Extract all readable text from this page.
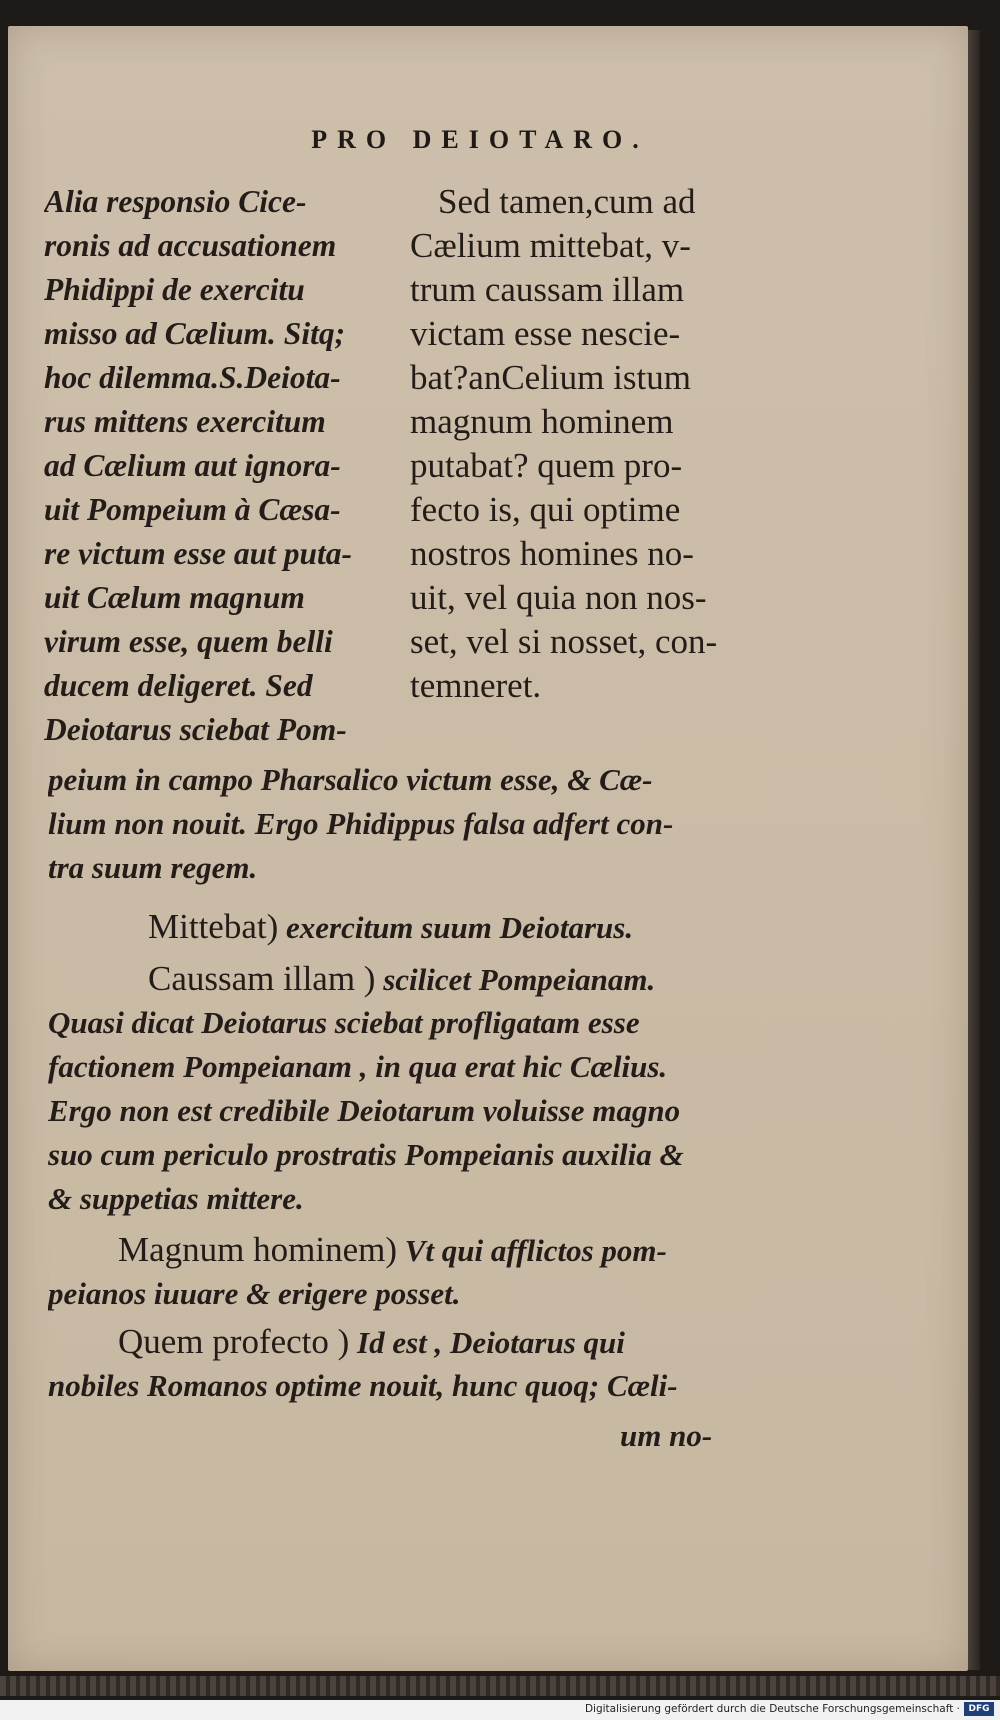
PRO DEIOTARO.
Alia responsio Cice-
ronis ad accusationem
Phidippi de exercitu
misso ad Cælium. Sitq;
hoc dilemma.S.Deiota-
rus mittens exercitum
ad Cælium aut ignora-
uit Pompeium à Cæsa-
re victum esse aut puta-
uit Cælum magnum
virum esse, quem belli
ducem deligeret. Sed
Deiotarus sciebat Pom-
Sed tamen,cum ad
Cælium mittebat, v-
trum caussam illam
victam esse nescie-
bat?anCelium istum
magnum hominem
putabat? quem pro-
fecto is, qui optime
nostros homines no-
uit, vel quia non nos-
set, vel si nosset, con-
temneret.
peium in campo Pharsalico victum esse, & Cæ-
lium non nouit. Ergo Phidippus falsa adfert con-
tra suum regem.
Mittebat) exercitum suum Deiotarus.
Caussam illam ) scilicet Pompeianam.
Quasi dicat Deiotarus sciebat profligatam esse
factionem Pompeianam , in qua erat hic Cælius.
Ergo non est credibile Deiotarum voluisse magno
suo cum periculo prostratis Pompeianis auxilia &
& suppetias mittere.
Magnum hominem) Vt qui afflictos pom-
peianos iuuare & erigere posset.
Quem profecto ) Id est , Deiotarus qui
nobiles Romanos optime nouit, hunc quoq; Cæli-
um no-
Digitalisierung gefördert durch die Deutsche Forschungsgemeinschaft · DFG
